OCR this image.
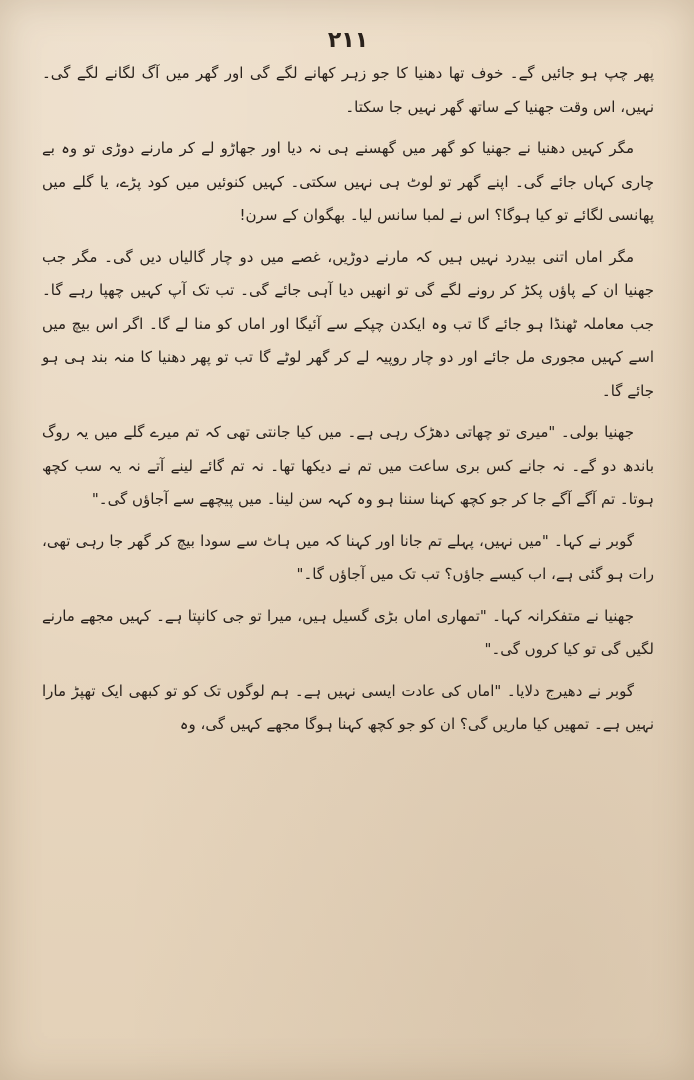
۲۱۱

پھر چپ ہو جائیں گے۔ خوف تھا دھنیا کا جو زہر کھانے لگے گی اور گھر میں آگ لگانے لگے گی۔ نہیں، اس وقت جھنیا کے ساتھ گھر نہیں جا سکتا۔

مگر کہیں دھنیا نے جھنیا کو گھر میں گھسنے ہی نہ دیا اور جھاڑو لے کر مارنے دوڑی تو وہ بے چاری کہاں جائے گی۔ اپنے گھر تو لوٹ ہی نہیں سکتی۔ کہیں کنوئیں میں کود پڑے، یا گلے میں پھانسی لگائے تو کیا ہوگا؟ اس نے لمبا سانس لیا۔ بھگوان کے سرن!

مگر اماں اتنی بیدرد نہیں ہیں کہ مارنے دوڑیں، غصے میں دو چار گالیاں دیں گی۔ مگر جب جھنیا ان کے پاؤں پکڑ کر رونے لگے گی تو انھیں دیا آہی جائے گی۔ تب تک آپ کہیں چھپا رہے گا۔ جب معاملہ ٹھنڈا ہو جائے گا تب وہ ایکدن چپکے سے آئیگا اور اماں کو منا لے گا۔ اگر اس بیچ میں اسے کہیں مجوری مل جائے اور دو چار روپیہ لے کر گھر لوٹے گا تب تو پھر دھنیا کا منہ بند ہی ہو جائے گا۔

جھنیا بولی۔ "میری تو چھاتی دھڑک رہی ہے۔ میں کیا جانتی تھی کہ تم میرے گلے میں یہ روگ باندھ دو گے۔ نہ جانے کس بری ساعت میں تم نے دیکھا تھا۔ نہ تم گائے لینے آتے نہ یہ سب کچھ ہوتا۔ تم آگے آگے جا کر جو کچھ کہنا سننا ہو وہ کہہ سن لینا۔ میں پیچھے سے آجاؤں گی۔"

گوبر نے کہا۔ "میں نہیں، پہلے تم جانا اور کہنا کہ میں ہاٹ سے سودا بیچ کر گھر جا رہی تھی، رات ہو گئی ہے، اب کیسے جاؤں؟ تب تک میں آجاؤں گا۔"

جھنیا نے متفکرانہ کہا۔ "تمھاری اماں بڑی گسیل ہیں، میرا تو جی کانپتا ہے۔ کہیں مجھے مارنے لگیں گی تو کیا کروں گی۔"

گوبر نے دھیرج دلایا۔ "اماں کی عادت ایسی نہیں ہے۔ ہم لوگوں تک کو تو کبھی ایک تھپڑ مارا نہیں ہے۔ تمھیں کیا ماریں گی؟ ان کو جو کچھ کہنا ہوگا مجھے کہیں گی، وہ
